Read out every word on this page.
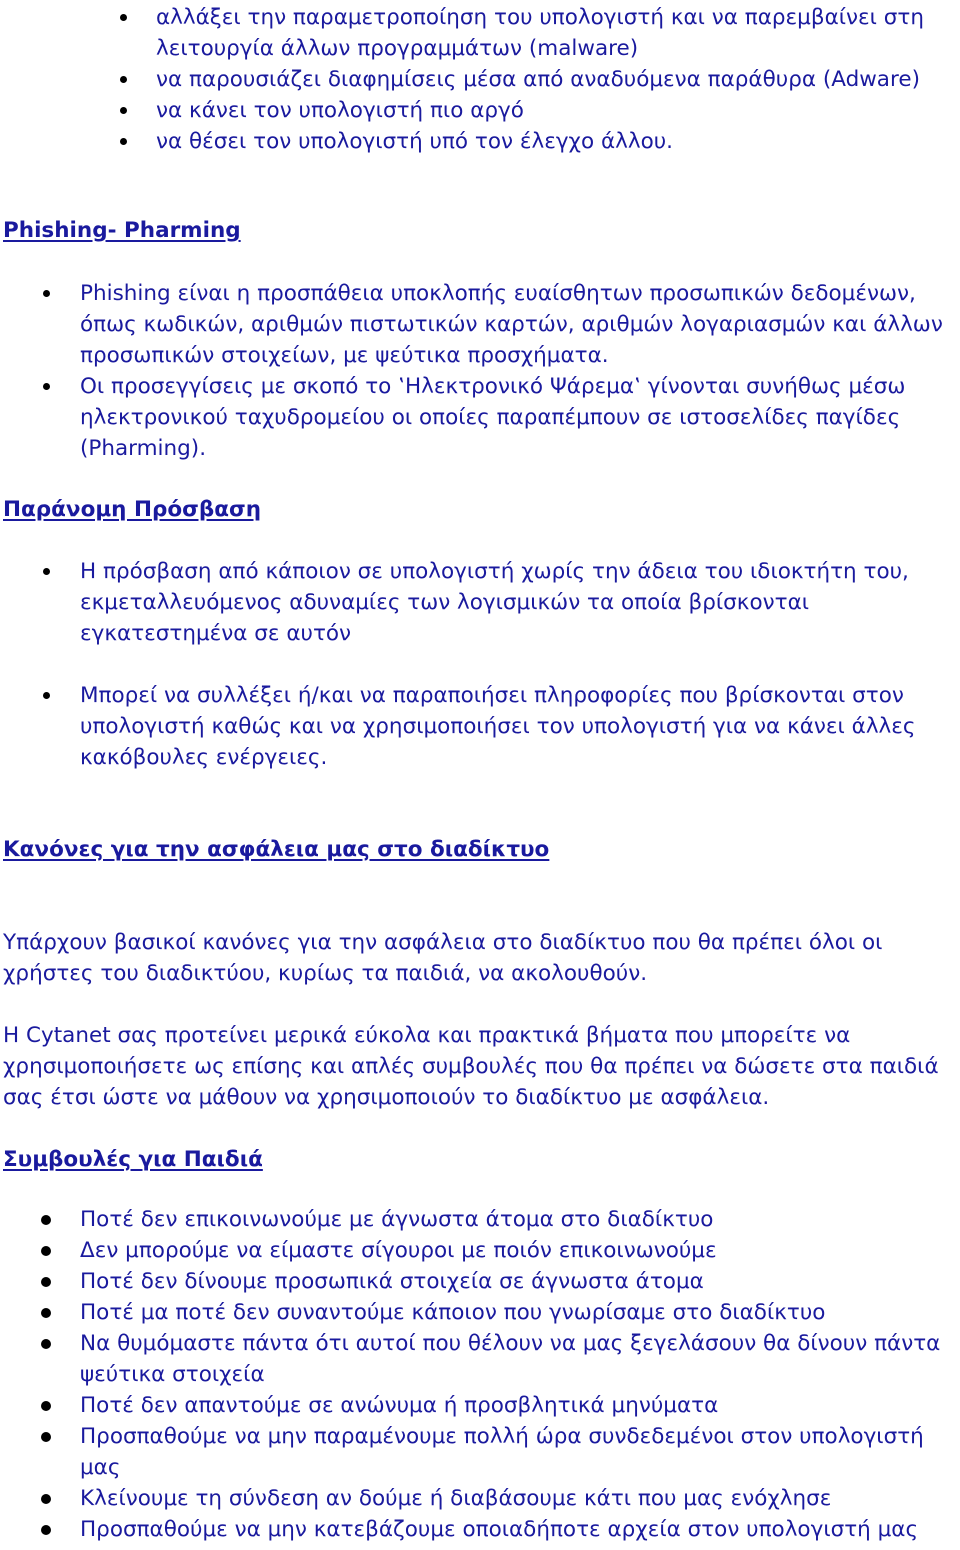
αλλάξει την παραμετροποίηση του υπολογιστή και να παρεμβαίνει στη λειτουργία άλλων προγραμμάτων (malware)
να παρουσιάζει διαφημίσεις μέσα από αναδυόμενα παράθυρα (Adware)
να κάνει τον υπολογιστή πιο αργό
να θέσει τον υπολογιστή υπό τον έλεγχο άλλου.
Phishing- Pharming
Phishing είναι η προσπάθεια υποκλοπής ευαίσθητων προσωπικών δεδομένων, όπως κωδικών, αριθμών πιστωτικών καρτών, αριθμών λογαριασμών και άλλων προσωπικών στοιχείων, με ψεύτικα προσχήματα.
Οι προσεγγίσεις με σκοπό το ‛Ηλεκτρονικό Ψάρεμα‛ γίνονται συνήθως μέσω ηλεκτρονικού ταχυδρομείου οι οποίες παραπέμπουν σε ιστοσελίδες παγίδες (Pharming).
Παράνομη Πρόσβαση
Η πρόσβαση από κάποιον σε υπολογιστή χωρίς την άδεια του ιδιοκτήτη του, εκμεταλλευόμενος αδυναμίες των λογισμικών τα οποία βρίσκονται εγκατεστημένα σε αυτόν
Μπορεί να συλλέξει ή/και να παραποιήσει πληροφορίες που βρίσκονται στον υπολογιστή καθώς και να χρησιμοποιήσει τον υπολογιστή για να κάνει άλλες κακόβουλες ενέργειες.
Κανόνες για την ασφάλεια μας στο διαδίκτυο
Υπάρχουν βασικοί κανόνες για την ασφάλεια στο διαδίκτυο που θα πρέπει όλοι οι χρήστες του διαδικτύου, κυρίως τα παιδιά, να ακολουθούν.
Η Cytanet σας προτείνει μερικά εύκολα και πρακτικά βήματα που μπορείτε να χρησιμοποιήσετε ως επίσης και απλές συμβουλές που θα πρέπει να δώσετε στα παιδιά σας έτσι ώστε να μάθουν να χρησιμοποιούν το διαδίκτυο με ασφάλεια.
Συμβουλές για Παιδιά
Ποτέ δεν επικοινωνούμε με άγνωστα άτομα στο διαδίκτυο
Δεν μπορούμε να είμαστε σίγουροι με ποιόν επικοινωνούμε
Ποτέ δεν δίνουμε προσωπικά στοιχεία σε άγνωστα άτομα
Ποτέ μα ποτέ δεν συναντούμε κάποιον που γνωρίσαμε στο διαδίκτυο
Να θυμόμαστε πάντα ότι αυτοί που θέλουν να μας ξεγελάσουν θα δίνουν πάντα ψεύτικα στοιχεία
Ποτέ δεν απαντούμε σε ανώνυμα ή προσβλητικά μηνύματα
Προσπαθούμε να μην παραμένουμε πολλή ώρα συνδεδεμένοι στον υπολογιστή μας
Κλείνουμε τη σύνδεση αν δούμε ή διαβάσουμε κάτι που μας ενόχλησε
Προσπαθούμε να μην κατεβάζουμε οποιαδήποτε αρχεία στον υπολογιστή μας
